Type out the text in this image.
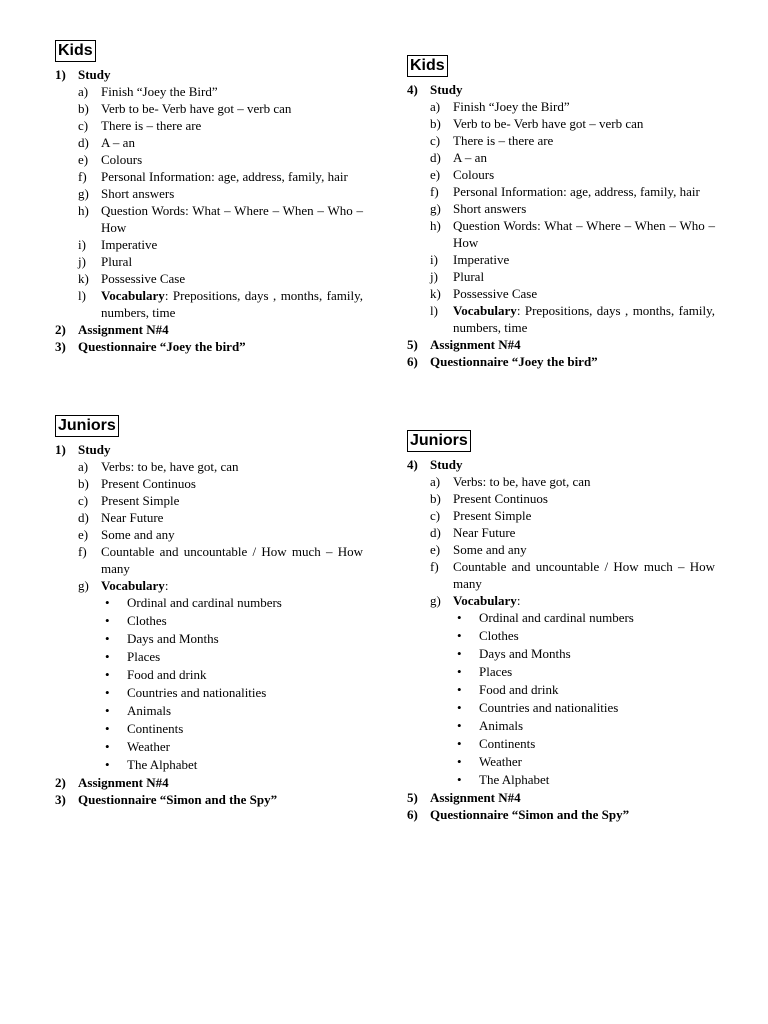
Kids
1) Study
a) Finish “Joey the Bird”
b) Verb to be- Verb have got – verb can
c) There is – there are
d) A – an
e) Colours
f)	Personal Information: age, address, family, hair
g) Short answers
h) Question Words: What – Where – When – Who – How
i)	Imperative
j)	Plural
k) Possessive Case
l)	Vocabulary: Prepositions, days , months, family, numbers, time
2) Assignment N#4
3) Questionnaire “Joey the bird”
Kids
4) Study
a) Finish “Joey the Bird”
b) Verb to be- Verb have got – verb can
c) There is – there are
d) A – an
e) Colours
f)	Personal Information: age, address, family, hair
g) Short answers
h) Question Words: What – Where – When – Who – How
i)	Imperative
j)	Plural
k) Possessive Case
l)	Vocabulary: Prepositions, days , months, family, numbers, time
5) Assignment N#4
6) Questionnaire “Joey the bird”
Juniors
1) Study
a) Verbs: to be, have got, can
b) Present Continuos
c) Present Simple
d) Near Future
e) Some and any
f)	Countable and uncountable / How much – How many
g) Vocabulary:
•	Ordinal and cardinal numbers
•	Clothes
•	Days and Months
•	Places
•	Food and drink
•	Countries and nationalities
•	Animals
•	Continents
•	Weather
•	The Alphabet
2) Assignment N#4
3) Questionnaire “Simon and the Spy”
Juniors
4) Study
a) Verbs: to be, have got, can
b) Present Continuos
c) Present Simple
d) Near Future
e) Some and any
f)	Countable and uncountable / How much – How many
g) Vocabulary:
•	Ordinal and cardinal numbers
•	Clothes
•	Days and Months
•	Places
•	Food and drink
•	Countries and nationalities
•	Animals
•	Continents
•	Weather
•	The Alphabet
5) Assignment N#4
6) Questionnaire “Simon and the Spy”
